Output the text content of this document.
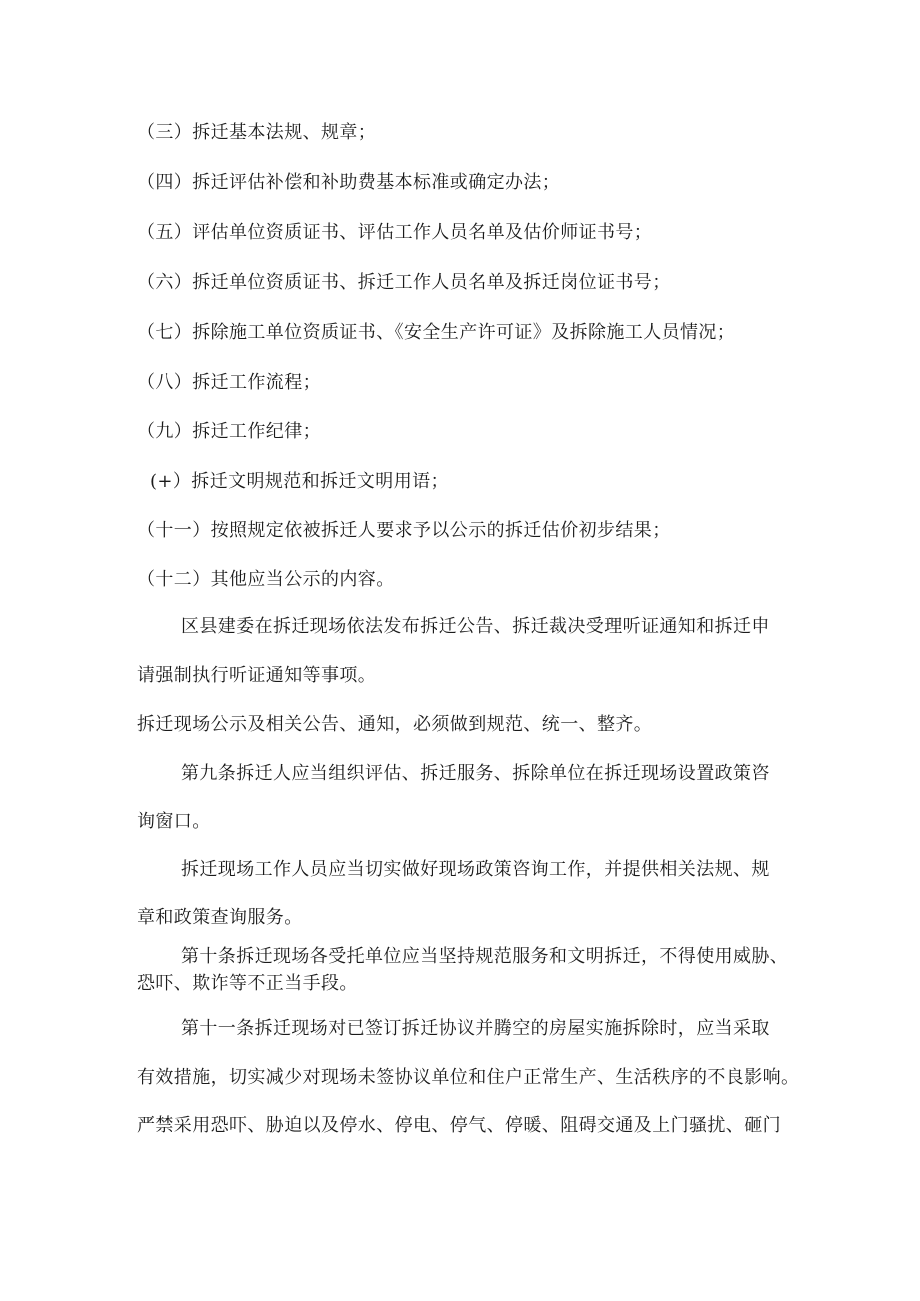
（三）拆迁基本法规、规章；
（四）拆迁评估补偿和补助费基本标准或确定办法；
（五）评估单位资质证书、评估工作人员名单及估价师证书号；
（六）拆迁单位资质证书、拆迁工作人员名单及拆迁岗位证书号；
（七）拆除施工单位资质证书、《安全生产许可证》及拆除施工人员情况；
（八）拆迁工作流程；
（九）拆迁工作纪律；
(+）拆迁文明规范和拆迁文明用语；
（十一）按照规定依被拆迁人要求予以公示的拆迁估价初步结果；
（十二）其他应当公示的内容。
区县建委在拆迁现场依法发布拆迁公告、拆迁裁决受理听证通知和拆迁申
请强制执行听证通知等事项。
拆迁现场公示及相关公告、通知，必须做到规范、统一、整齐。
第九条拆迁人应当组织评估、拆迁服务、拆除单位在拆迁现场设置政策咨
询窗口。
拆迁现场工作人员应当切实做好现场政策咨询工作，并提供相关法规、规
章和政策查询服务。
第十条拆迁现场各受托单位应当坚持规范服务和文明拆迁，不得使用威胁、
恐吓、欺诈等不正当手段。
第十一条拆迁现场对已签订拆迁协议并腾空的房屋实施拆除时，应当采取
有效措施，切实减少对现场未签协议单位和住户正常生产、生活秩序的不良影响。
严禁采用恐吓、胁迫以及停水、停电、停气、停暖、阻碍交通及上门骚扰、砸门
